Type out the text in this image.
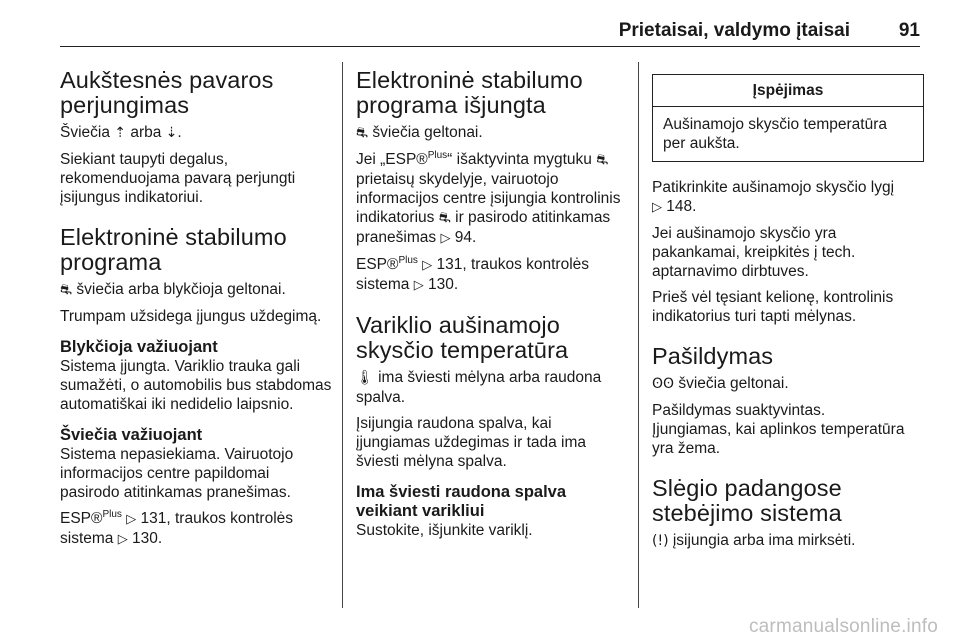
Prietaisai, valdymo įtaisai	91
Aukštesnės pavaros perjungimas

Šviečia ⇡ arba ⇣.

Siekiant taupyti degalus, rekomenduojama pavarą perjungti įsijungus indikatoriui.

Elektroninė stabilumo programa

⛐ šviečia arba blykčioja geltonai.

Trumpam užsidega įjungus uždegimą.

Blykčioja važiuojant

Sistema įjungta. Variklio trauka gali sumažėti, o automobilis bus stabdomas automatiškai iki nedidelio laipsnio.

Šviečia važiuojant

Sistema nepasiekiama. Vairuotojo informacijos centre papildomai pasirodo atitinkamas pranešimas.

ESP®$^{Plus}$ ▷ 131, traukos kontrolės sistema ▷ 130.

Elektroninė stabilumo programa išjungta

⛐ šviečia geltonai.

Jei „ESP®$^{Plus}$“ išaktyvinta mygtuku ⛐ prietaisų skydelyje, vairuotojo informacijos centre įsijungia kontrolinis indikatorius ⛐ ir pasirodo atitinkamas pranešimas ▷ 94.

ESP®$^{Plus}$ ▷ 131, traukos kontrolės sistema ▷ 130.

Variklio aušinamojo skysčio temperatūra

🌡 ima šviesti mėlyna arba raudona spalva.

Įsijungia raudona spalva, kai įjungiamas uždegimas ir tada ima šviesti mėlyna spalva.

Ima šviesti raudona spalva veikiant varikliui

Sustokite, išjunkite variklį.

Įspėjimas
Aušinamojo skysčio temperatūra per aukšta.

Patikrinkite aušinamojo skysčio lygį
▷ 148.

Jei aušinamojo skysčio yra pakankamai, kreipkitės į tech. aptarnavimo dirbtuves.

Prieš vėl tęsiant kelionę, kontrolinis indikatorius turi tapti mėlynas.

Pašildymas

ʘʘ šviečia geltonai.

Pašildymas suaktyvintas.

Įjungiamas, kai aplinkos temperatūra yra žema.

Slėgio padangose stebėjimo sistema

(!) įsijungia arba ima mirksėti.

carmanualsonline.info
